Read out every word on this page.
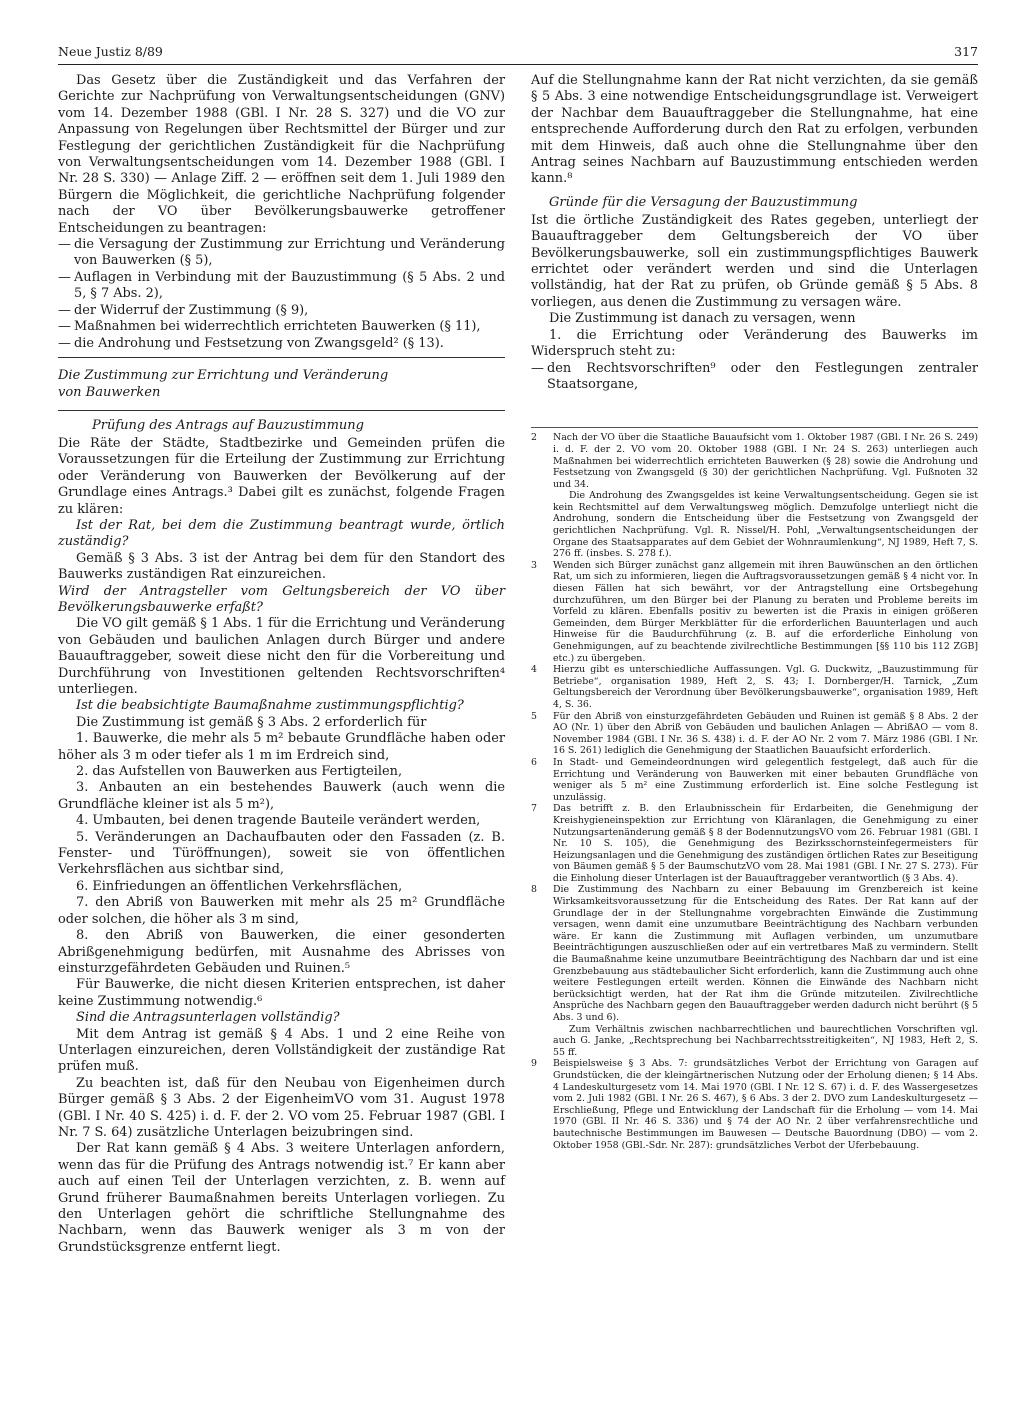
Neue Justiz 8/89	317

Das Gesetz über die Zuständigkeit und das Verfahren der Gerichte zur Nachprüfung von Verwaltungsentscheidungen (GNV) vom 14. Dezember 1988 (GBl. I Nr. 28 S. 327) und die VO zur Anpassung von Regelungen über Rechtsmittel der Bürger und zur Festlegung der gerichtlichen Zuständigkeit für die Nachprüfung von Verwaltungsentscheidungen vom 14. Dezember 1988 (GBl. I Nr. 28 S. 330) — Anlage Ziff. 2 — eröffnen seit dem 1. Juli 1989 den Bürgern die Möglichkeit, die gerichtliche Nachprüfung folgender nach der VO über Bevölkerungsbauwerke getroffener Entscheidungen zu beantragen:

— die Versagung der Zustimmung zur Errichtung und Veränderung von Bauwerken (§ 5),
— Auflagen in Verbindung mit der Bauzustimmung (§ 5 Abs. 2 und 5, § 7 Abs. 2),
— der Widerruf der Zustimmung (§ 9),
— Maßnahmen bei widerrechtlich errichteten Bauwerken (§ 11),
— die Androhung und Festsetzung von Zwangsgeld² (§ 13).
Die Zustimmung zur Errichtung und Veränderung
von Bauwerken
Prüfung des Antrags auf Bauzustimmung

Die Räte der Städte, Stadtbezirke und Gemeinden prüfen die Voraussetzungen für die Erteilung der Zustimmung zur Errichtung oder Veränderung von Bauwerken der Bevölkerung auf der Grundlage eines Antrags.³ Dabei gilt es zunächst, folgende Fragen zu klären:

Ist der Rat, bei dem die Zustimmung beantragt wurde, örtlich zuständig?

Gemäß § 3 Abs. 3 ist der Antrag bei dem für den Standort des Bauwerks zuständigen Rat einzureichen.

Wird der Antragsteller vom Geltungsbereich der VO über Bevölkerungsbauwerke erfaßt?

Die VO gilt gemäß § 1 Abs. 1 für die Errichtung und Veränderung von Gebäuden und baulichen Anlagen durch Bürger und andere Bauauftraggeber, soweit diese nicht den für die Vorbereitung und Durchführung von Investitionen geltenden Rechtsvorschriften⁴ unterliegen.

Ist die beabsichtigte Baumaßnahme zustimmungspflichtig?

Die Zustimmung ist gemäß § 3 Abs. 2 erforderlich für

1. Bauwerke, die mehr als 5 m² bebaute Grundfläche haben oder höher als 3 m oder tiefer als 1 m im Erdreich sind,

2. das Aufstellen von Bauwerken aus Fertigteilen,

3. Anbauten an ein bestehendes Bauwerk (auch wenn die Grundfläche kleiner ist als 5 m²),

4. Umbauten, bei denen tragende Bauteile verändert werden,

5. Veränderungen an Dachaufbauten oder den Fassaden (z. B. Fenster- und Türöffnungen), soweit sie von öffentlichen Verkehrsflächen aus sichtbar sind,

6. Einfriedungen an öffentlichen Verkehrsflächen,

7. den Abriß von Bauwerken mit mehr als 25 m² Grundfläche oder solchen, die höher als 3 m sind,

8. den Abriß von Bauwerken, die einer gesonderten Abrißgenehmigung bedürfen, mit Ausnahme des Abrisses von einsturzgefährdeten Gebäuden und Ruinen.⁵

Für Bauwerke, die nicht diesen Kriterien entsprechen, ist daher keine Zustimmung notwendig.⁶

Sind die Antragsunterlagen vollständig?

Mit dem Antrag ist gemäß § 4 Abs. 1 und 2 eine Reihe von Unterlagen einzureichen, deren Vollständigkeit der zuständige Rat prüfen muß.

Zu beachten ist, daß für den Neubau von Eigenheimen durch Bürger gemäß § 3 Abs. 2 der EigenheimVO vom 31. August 1978 (GBl. I Nr. 40 S. 425) i. d. F. der 2. VO vom 25. Februar 1987 (GBl. I Nr. 7 S. 64) zusätzliche Unterlagen beizubringen sind.

Der Rat kann gemäß § 4 Abs. 3 weitere Unterlagen anfordern, wenn das für die Prüfung des Antrags notwendig ist.⁷ Er kann aber auch auf einen Teil der Unterlagen verzichten, z. B. wenn auf Grund früherer Baumaßnahmen bereits Unterlagen vorliegen. Zu den Unterlagen gehört die schriftliche Stellungnahme des Nachbarn, wenn das Bauwerk weniger als 3 m von der Grundstücksgrenze entfernt liegt.

Auf die Stellungnahme kann der Rat nicht verzichten, da sie gemäß § 5 Abs. 3 eine notwendige Entscheidungsgrundlage ist. Verweigert der Nachbar dem Bauauftraggeber die Stellungnahme, hat eine entsprechende Aufforderung durch den Rat zu erfolgen, verbunden mit dem Hinweis, daß auch ohne die Stellungnahme über den Antrag seines Nachbarn auf Bauzustimmung entschieden werden kann.⁸

Gründe für die Versagung der Bauzustimmung

Ist die örtliche Zuständigkeit des Rates gegeben, unterliegt der Bauauftraggeber dem Geltungsbereich der VO über Bevölkerungsbauwerke, soll ein zustimmungspflichtiges Bauwerk errichtet oder verändert werden und sind die Unterlagen vollständig, hat der Rat zu prüfen, ob Gründe gemäß § 5 Abs. 8 vorliegen, aus denen die Zustimmung zu versagen wäre.

Die Zustimmung ist danach zu versagen, wenn

1. die Errichtung oder Veränderung des Bauwerks im Widerspruch steht zu:

— den Rechtsvorschriften⁹ oder den Festlegungen zentraler Staatsorgane,
2	Nach der VO über die Staatliche Bauaufsicht vom 1. Oktober 1987 (GBl. I Nr. 26 S. 249) i. d. F. der 2. VO vom 20. Oktober 1988 (GBl. I Nr. 24 S. 263) unterliegen auch Maßnahmen bei widerrechtlich errichteten Bauwerken (§ 28) sowie die Androhung und Festsetzung von Zwangsgeld (§ 30) der gerichtlichen Nachprüfung. Vgl. Fußnoten 32 und 34.
Die Androhung des Zwangsgeldes ist keine Verwaltungsentscheidung. Gegen sie ist kein Rechtsmittel auf dem Verwaltungsweg möglich. Demzufolge unterliegt nicht die Androhung, sondern die Entscheidung über die Festsetzung von Zwangsgeld der gerichtlichen Nachprüfung. Vgl. R. Nissel/H. Pohl, „Verwaltungsentscheidungen der Organe des Staatsapparates auf dem Gebiet der Wohnraumlenkung“, NJ 1989, Heft 7, S. 276 ff. (insbes. S. 278 f.).
3	Wenden sich Bürger zunächst ganz allgemein mit ihren Bauwünschen an den örtlichen Rat, um sich zu informieren, liegen die Auftragsvoraussetzungen gemäß § 4 nicht vor. In diesen Fällen hat sich bewährt, vor der Antragstellung eine Ortsbegehung durchzuführen, um den Bürger bei der Planung zu beraten und Probleme bereits im Vorfeld zu klären. Ebenfalls positiv zu bewerten ist die Praxis in einigen größeren Gemeinden, dem Bürger Merkblätter für die erforderlichen Bauunterlagen und auch Hinweise für die Baudurchführung (z. B. auf die erforderliche Einholung von Genehmigungen, auf zu beachtende zivilrechtliche Bestimmungen [§§ 110 bis 112 ZGB] etc.) zu übergeben.
4	Hierzu gibt es unterschiedliche Auffassungen. Vgl. G. Duckwitz, „Bauzustimmung für Betriebe“, organisation 1989, Heft 2, S. 43; I. Dornberger/H. Tarnick, „Zum Geltungsbereich der Verordnung über Bevölkerungsbauwerke“, organisation 1989, Heft 4, S. 36.
5	Für den Abriß von einsturzgefährdeten Gebäuden und Ruinen ist gemäß § 8 Abs. 2 der AO (Nr. 1) über den Abriß von Gebäuden und baulichen Anlagen — AbrißAO — vom 8. November 1984 (GBl. I Nr. 36 S. 438) i. d. F. der AO Nr. 2 vom 7. März 1986 (GBl. I Nr. 16 S. 261) lediglich die Genehmigung der Staatlichen Bauaufsicht erforderlich.
6	In Stadt- und Gemeindeordnungen wird gelegentlich festgelegt, daß auch für die Errichtung und Veränderung von Bauwerken mit einer bebauten Grundfläche von weniger als 5 m² eine Zustimmung erforderlich ist. Eine solche Festlegung ist unzulässig.
7	Das betrifft z. B. den Erlaubnisschein für Erdarbeiten, die Genehmigung der Kreishygieneinspektion zur Errichtung von Kläranlagen, die Genehmigung zu einer Nutzungsartenänderung gemäß § 8 der BodennutzungsVO vom 26. Februar 1981 (GBl. I Nr. 10 S. 105), die Genehmigung des Bezirksschornsteinfegermeisters für Heizungsanlagen und die Genehmigung des zuständigen örtlichen Rates zur Beseitigung von Bäumen gemäß § 5 der BaumschutzVO vom 28. Mai 1981 (GBl. I Nr. 27 S. 273). Für die Einholung dieser Unterlagen ist der Bauauftraggeber verantwortlich (§ 3 Abs. 4).
8	Die Zustimmung des Nachbarn zu einer Bebauung im Grenzbereich ist keine Wirksamkeitsvoraussetzung für die Entscheidung des Rates. Der Rat kann auf der Grundlage der in der Stellungnahme vorgebrachten Einwände die Zustimmung versagen, wenn damit eine unzumutbare Beeinträchtigung des Nachbarn verbunden wäre. Er kann die Zustimmung mit Auflagen verbinden, um unzumutbare Beeinträchtigungen auszuschließen oder auf ein vertretbares Maß zu vermindern. Stellt die Baumaßnahme keine unzumutbare Beeinträchtigung des Nachbarn dar und ist eine Grenzbebauung aus städtebaulicher Sicht erforderlich, kann die Zustimmung auch ohne weitere Festlegungen erteilt werden. Können die Einwände des Nachbarn nicht berücksichtigt werden, hat der Rat ihm die Gründe mitzuteilen. Zivilrechtliche Ansprüche des Nachbarn gegen den Bauauftraggeber werden dadurch nicht berührt (§ 5 Abs. 3 und 6).
Zum Verhältnis zwischen nachbarrechtlichen und baurechtlichen Vorschriften vgl. auch G. Janke, „Rechtsprechung bei Nachbarrechtsstreitigkeiten“, NJ 1983, Heft 2, S. 55 ff.
9	Beispielsweise § 3 Abs. 7: grundsätzliches Verbot der Errichtung von Garagen auf Grundstücken, die der kleingärtnerischen Nutzung oder der Erholung dienen; § 14 Abs. 4 Landeskulturgesetz vom 14. Mai 1970 (GBl. I Nr. 12 S. 67) i. d. F. des Wassergesetzes vom 2. Juli 1982 (GBl. I Nr. 26 S. 467), § 6 Abs. 3 der 2. DVO zum Landeskulturgesetz — Erschließung, Pflege und Entwicklung der Landschaft für die Erholung — vom 14. Mai 1970 (GBl. II Nr. 46 S. 336) und § 74 der AO Nr. 2 über verfahrensrechtliche und bautechnische Bestimmungen im Bauwesen — Deutsche Bauordnung (DBO) — vom 2. Oktober 1958 (GBl.-Sdr. Nr. 287): grundsätzliches Verbot der Uferbebauung.
